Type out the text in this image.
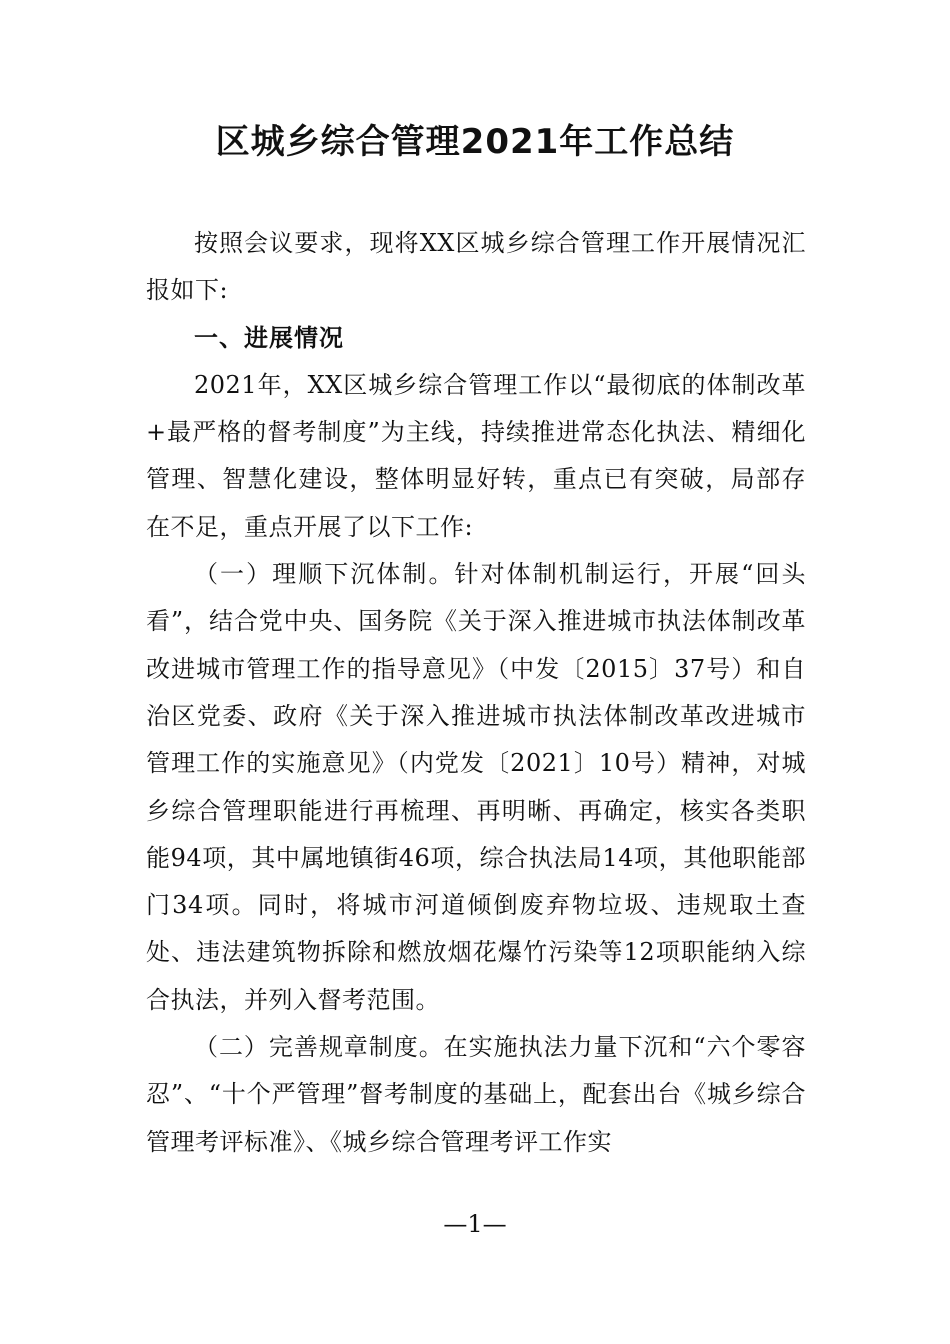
区城乡综合管理2021年工作总结

按照会议要求，现将XX区城乡综合管理工作开展情况汇报如下:

一、进展情况

2021年，XX区城乡综合管理工作以“最彻底的体制改革+最严格的督考制度”为主线，持续推进常态化执法、精细化管理、智慧化建设，整体明显好转，重点已有突破，局部存在不足，重点开展了以下工作:

（一）理顺下沉体制。针对体制机制运行，开展“回头看”，结合党中央、国务院《关于深入推进城市执法体制改革改进城市管理工作的指导意见》（中发〔2015〕37号）和自治区党委、政府《关于深入推进城市执法体制改革改进城市管理工作的实施意见》（内党发〔2021〕10号）精神，对城乡综合管理职能进行再梳理、再明晰、再确定，核实各类职能94项，其中属地镇街46项，综合执法局14项，其他职能部门34项。同时，将城市河道倾倒废弃物垃圾、违规取土查处、违法建筑物拆除和燃放烟花爆竹污染等12项职能纳入综合执法，并列入督考范围。

（二）完善规章制度。在实施执法力量下沉和“六个零容忍”、“十个严管理”督考制度的基础上，配套出台《城乡综合管理考评标准》、《城乡综合管理考评工作实

—1—
